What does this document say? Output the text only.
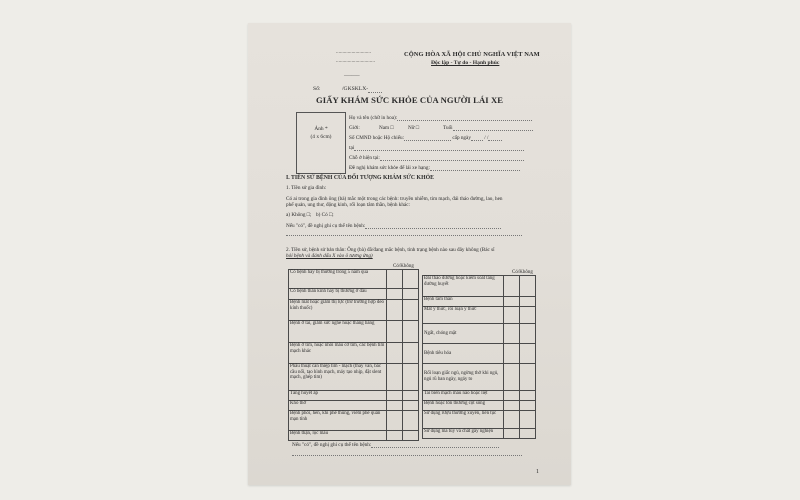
...........................
..............................
______
CỘNG HÒA XÃ HỘI CHỦ NGHĨA VIỆT NAM
Độc lập - Tự do - Hạnh phúc
Số:	/GKSKLX-
GIẤY KHÁM SỨC KHỎE CỦA NGƯỜI LÁI XE
Ảnh *
(4 x 6cm)
Họ và tên (chữ in hoa):
Giới:	Nam □	Nữ □	Tuổi
Số CMND hoặc Hộ chiếu:	cấp ngày	/ /
tại
Chỗ ở hiện tại:
Đề nghị khám sức khỏe để lái xe hạng:
I. TIỀN SỬ BỆNH CỦA ĐỐI TƯỢNG KHÁM SỨC KHỎE
1. Tiền sử gia đình:
Có ai trong gia đình ông (bà) mắc một trong các bệnh: truyền nhiễm, tim mạch, đái tháo đường, lao, hen
phế quản, ung thư, động kinh, rối loạn tâm thần, bệnh khác:
a) Không □; b) Có □;
Nếu "có", đề nghị ghi cụ thể tên bệnh:
2. Tiền sử, bệnh sử bản thân: Ông (bà) đã/đang mắc bệnh, tình trạng bệnh nào sau đây không (Bác sĩ
hỏi bệnh và đánh dấu X vào ô tương ứng)
Có/Không
Có bệnh hay bị thương trong 5 năm qua		
Có bệnh thần kinh hay bị thương ở đầu		
Bệnh mắt hoặc giảm thị lực (trừ trường hợp đeo kính thuốc)		
Bệnh ở tai, giảm sức nghe hoặc thăng bằng		
Bệnh ở tim, hoặc nhồi máu cơ tim, các bệnh tim mạch khác		
Phẫu thuật can thiệp tim - mạch (thay van, bắc cầu nối, tạo hình mạch, máy tạo nhịp, đặt slent mạch, ghép tim)		
Tăng huyết áp		
Khó thở		
Bệnh phổi, hen, khí phế thũng, viêm phế quản mạn tính		
Bệnh thận, lọc máu		
Có/Không
Đái tháo đường hoặc kiểm soát tăng đường huyết		
Bệnh tâm thần		
Mất ý thức, rối loạn ý thức		
Ngất, chóng mặt		
Bệnh tiêu hóa		
Rối loạn giấc ngủ, ngừng thở khi ngủ, ngủ rũ ban ngày, ngáy to		
Tai biến mạch máu não hoặc liệt		
Bệnh hoặc tổn thương cột sống		
Sử dụng rượu thường xuyên, liên tục		
Sử dụng ma túy và chất gây nghiện		
Nếu "có", đề nghị ghi cụ thể tên bệnh:
1
